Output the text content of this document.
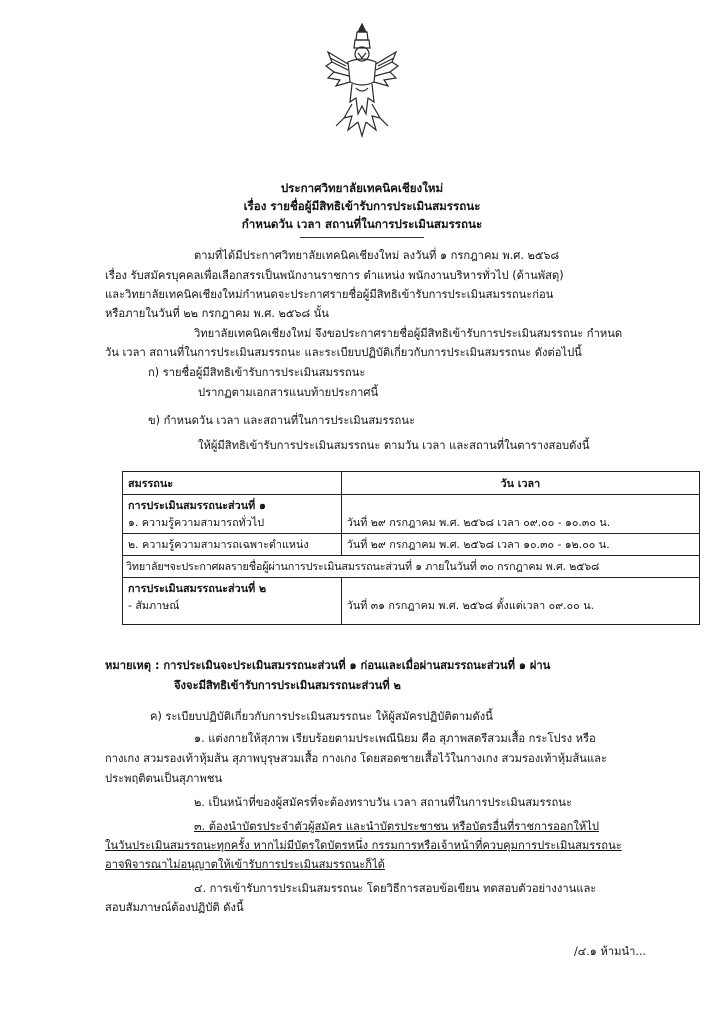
ประกาศวิทยาลัยเทคนิคเชียงใหม่
เรื่อง รายชื่อผู้มีสิทธิเข้ารับการประเมินสมรรถนะ
กำหนดวัน เวลา สถานที่ในการประเมินสมรรถนะ
ตามที่ได้มีประกาศวิทยาลัยเทคนิคเชียงใหม่ ลงวันที่ ๑ กรกฎาคม พ.ศ. ๒๕๖๘
เรื่อง รับสมัครบุคคลเพื่อเลือกสรรเป็นพนักงานราชการ ตำแหน่ง พนักงานบริหารทั่วไป (ด้านพัสดุ)
และวิทยาลัยเทคนิคเชียงใหม่กำหนดจะประกาศรายชื่อผู้มีสิทธิเข้ารับการประเมินสมรรถนะก่อน
หรือภายในวันที่ ๒๒ กรกฎาคม พ.ศ. ๒๕๖๘ นั้น
วิทยาลัยเทคนิคเชียงใหม่ จึงขอประกาศรายชื่อผู้มีสิทธิเข้ารับการประเมินสมรรถนะ กำหนด
วัน เวลา สถานที่ในการประเมินสมรรถนะ และระเบียบปฏิบัติเกี่ยวกับการประเมินสมรรถนะ ดังต่อไปนี้
ก) รายชื่อผู้มีสิทธิเข้ารับการประเมินสมรรถนะ
ปรากฏตามเอกสารแนบท้ายประกาศนี้
ข) กำหนดวัน เวลา และสถานที่ในการประเมินสมรรถนะ
ให้ผู้มีสิทธิเข้ารับการประเมินสมรรถนะ ตามวัน เวลา และสถานที่ในตารางสอบดังนี้
สมรรถนะ	วัน เวลา

การประเมินสมรรถนะส่วนที่ ๑
๑. ความรู้ความสามารถทั่วไป	วันที่ ๒๙ กรกฎาคม พ.ศ. ๒๕๖๘ เวลา ๐๙.๐๐ - ๑๐.๓๐ น.

๒. ความรู้ความสามารถเฉพาะตำแหน่ง	วันที่ ๒๙ กรกฎาคม พ.ศ. ๒๕๖๘ เวลา ๑๐.๓๐ - ๑๒.๐๐ น.
วิทยาลัยฯจะประกาศผลรายชื่อผู้ผ่านการประเมินสมรรถนะส่วนที่ ๑ ภายในวันที่ ๓๐ กรกฎาคม พ.ศ. ๒๕๖๘	

การประเมินสมรรถนะส่วนที่ ๒
- สัมภาษณ์	วันที่ ๓๑ กรกฎาคม พ.ศ. ๒๕๖๘ ตั้งแต่เวลา ๐๙.๐๐ น.
หมายเหตุ : การประเมินจะประเมินสมรรถนะส่วนที่ ๑ ก่อนและเมื่อผ่านสมรรถนะส่วนที่ ๑ ผ่าน
จึงจะมีสิทธิเข้ารับการประเมินสมรรถนะส่วนที่ ๒
ค) ระเบียบปฏิบัติเกี่ยวกับการประเมินสมรรถนะ ให้ผู้สมัครปฏิบัติตามดังนี้
๑. แต่งกายให้สุภาพ เรียบร้อยตามประเพณีนิยม คือ สุภาพสตรีสวมเสื้อ กระโปรง หรือ
กางเกง สวมรองเท้าหุ้มส้น สุภาพบุรุษสวมเสื้อ กางเกง โดยสอดชายเสื้อไว้ในกางเกง สวมรองเท้าหุ้มส้นและ
ประพฤติตนเป็นสุภาพชน
๒. เป็นหน้าที่ของผู้สมัครที่จะต้องทราบวัน เวลา สถานที่ในการประเมินสมรรถนะ
๓. ต้องนำบัตรประจำตัวผู้สมัคร และนำบัตรประชาชน หรือบัตรอื่นที่ราชการออกให้ไป
ในวันประเมินสมรรถนะทุกครั้ง หากไม่มีบัตรใดบัตรหนึ่ง กรรมการหรือเจ้าหน้าที่ควบคุมการประเมินสมรรถนะ
อาจพิจารณาไม่อนุญาตให้เข้ารับการประเมินสมรรถนะก็ได้
๔. การเข้ารับการประเมินสมรรถนะ โดยวิธีการสอบข้อเขียน ทดสอบตัวอย่างงานและ
สอบสัมภาษณ์ต้องปฏิบัติ ดังนี้
/๔.๑ ห้ามนำ...
